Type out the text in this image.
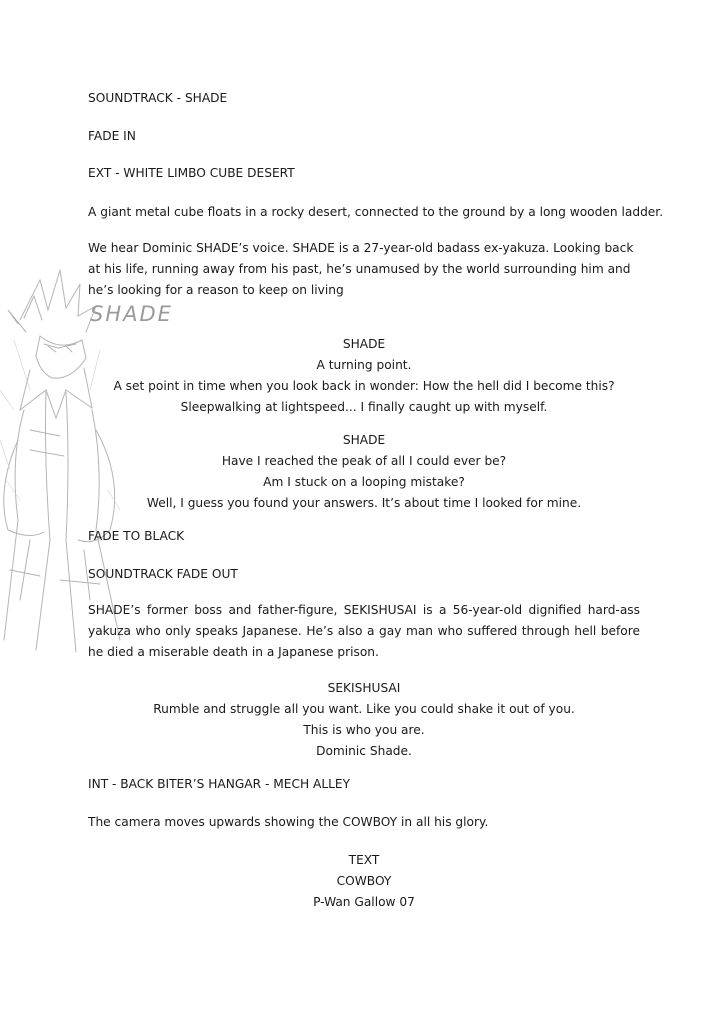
SHADE
SOUNDTRACK - SHADE
FADE IN
EXT - WHITE LIMBO CUBE DESERT
A giant metal cube floats in a rocky desert, connected to the ground by a long wooden ladder.
We hear Dominic SHADE’s voice. SHADE is a 27-year-old badass ex-yakuza. Looking back at his life, running away from his past, he’s unamused by the world surrounding him and he’s looking for a reason to keep on living
SHADE
A turning point.
A set point in time when you look back in wonder: How the hell did I become this?
Sleepwalking at lightspeed... I finally caught up with myself.
SHADE
Have I reached the peak of all I could ever be?
Am I stuck on a looping mistake?
Well, I guess you found your answers. It’s about time I looked for mine.
FADE TO BLACK
SOUNDTRACK FADE OUT
SHADE’s former boss and father-figure, SEKISHUSAI is a 56-year-old dignified hard-ass yakuza who only speaks Japanese. He’s also a gay man who suffered through hell before he died a miserable death in a Japanese prison.
SEKISHUSAI
Rumble and struggle all you want. Like you could shake it out of you.
This is who you are.
Dominic Shade.
INT - BACK BITER’S HANGAR - MECH ALLEY
The camera moves upwards showing the COWBOY in all his glory.
TEXT
COWBOY
P-Wan Gallow 07
